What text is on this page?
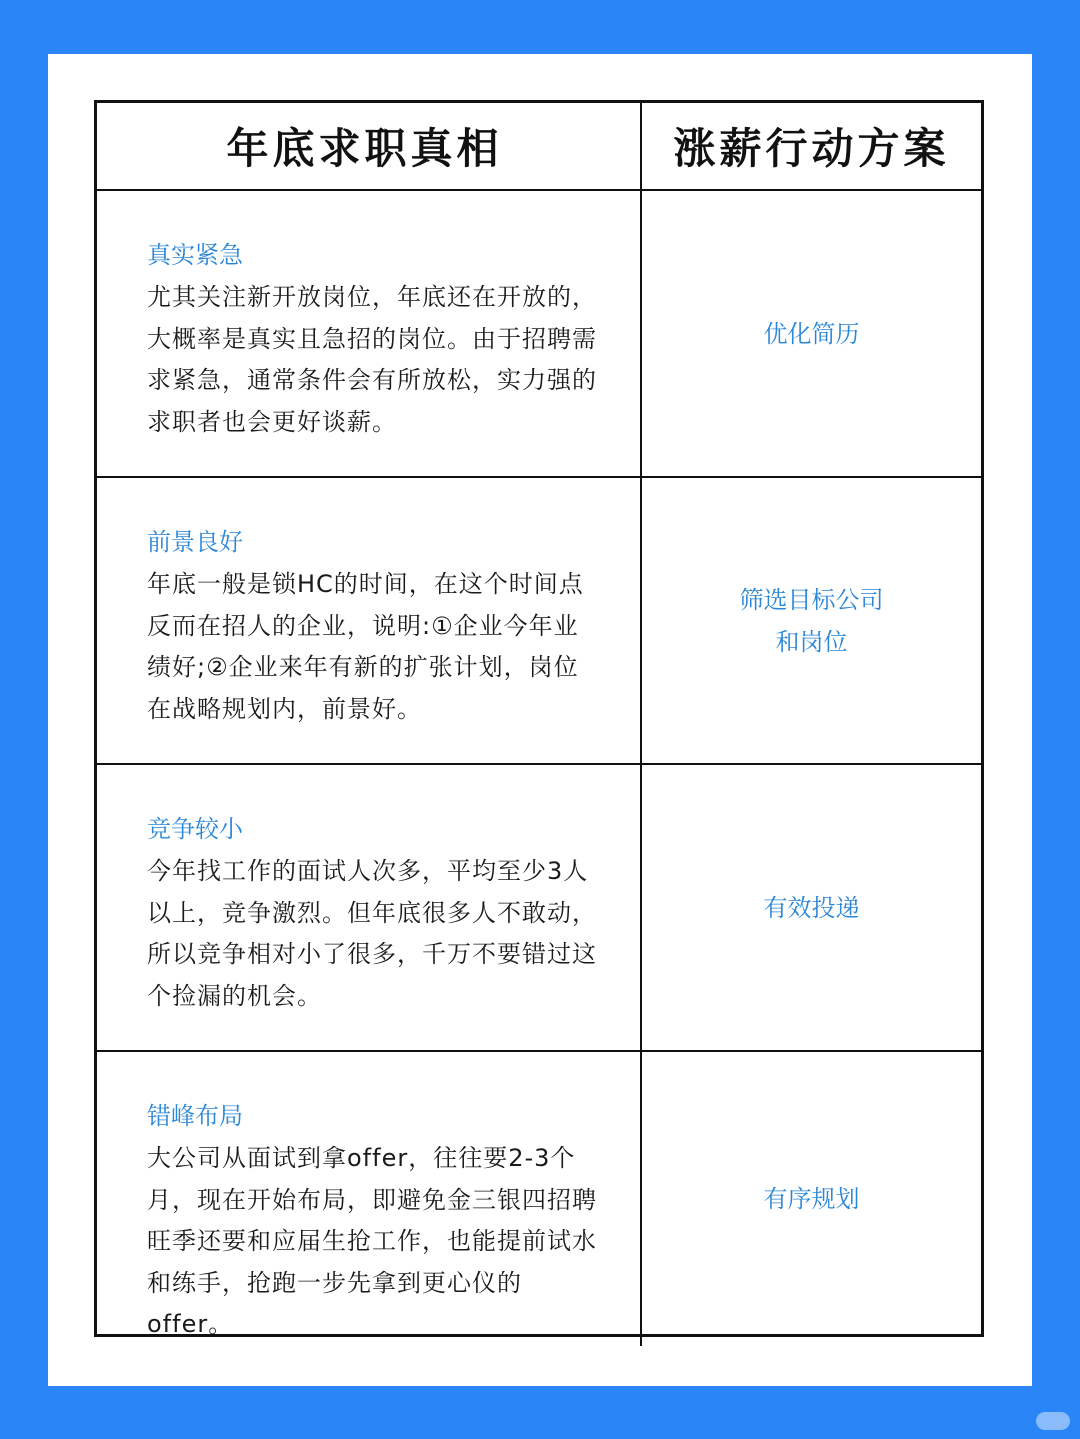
年底求职真相	涨薪行动方案

真实紧急

尤其关注新开放岗位，年底还在开放的，大概率是真实且急招的岗位。由于招聘需求紧急，通常条件会有所放松，实力强的求职者也会更好谈薪。

优化简历

前景良好

年底一般是锁HC的时间，在这个时间点反而在招人的企业，说明:①企业今年业绩好;②企业来年有新的扩张计划，岗位在战略规划内，前景好。

筛选目标公司
和岗位

竞争较小

今年找工作的面试人次多，平均至少3人以上，竞争激烈。但年底很多人不敢动，所以竞争相对小了很多，千万不要错过这个捡漏的机会。

有效投递

错峰布局

大公司从面试到拿offer，往往要2-3个月，现在开始布局，即避免金三银四招聘旺季还要和应届生抢工作，也能提前试水和练手，抢跑一步先拿到更心仪的offer。

有序规划
